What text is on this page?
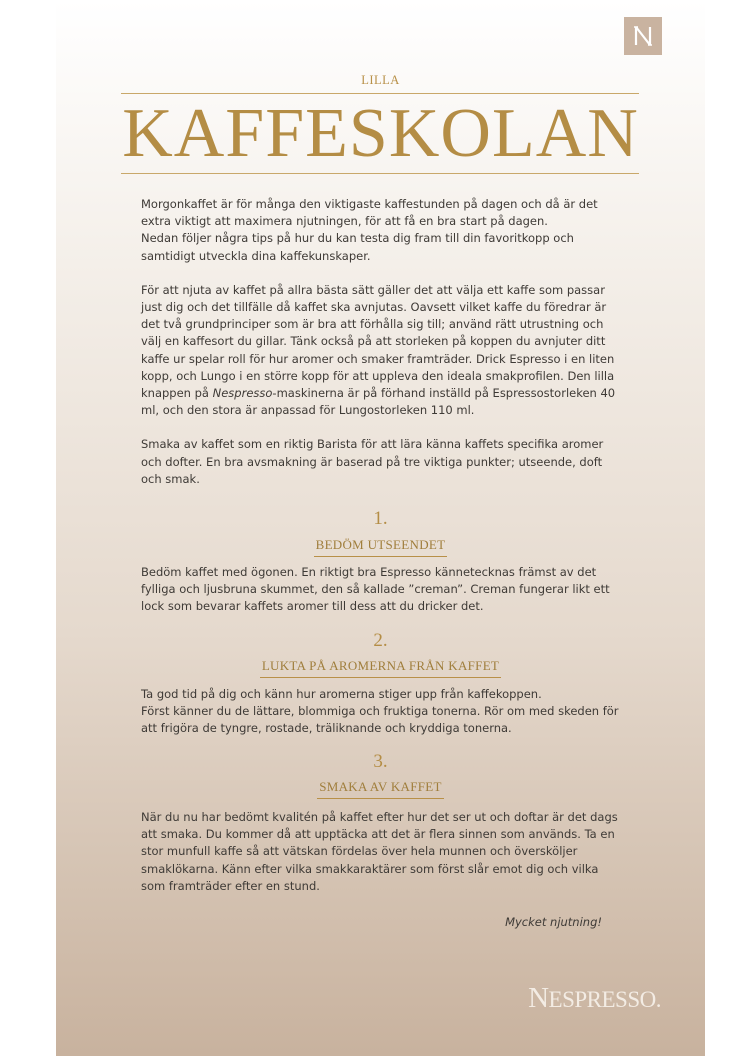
LILLA
KAFFESKOLAN

Morgonkaffet är för många den viktigaste kaffestunden på dagen och då är det extra viktigt att maximera njutningen, för att få en bra start på dagen.

Nedan följer några tips på hur du kan testa dig fram till din favoritkopp och samtidigt utveckla dina kaffekunskaper.

För att njuta av kaffet på allra bästa sätt gäller det att välja ett kaffe som passar just dig och det tillfälle då kaffet ska avnjutas. Oavsett vilket kaffe du föredrar är det två grundprinciper som är bra att förhålla sig till; använd rätt utrustning och välj en kaffesort du gillar. Tänk också på att storleken på koppen du avnjuter ditt kaffe ur spelar roll för hur aromer och smaker framträder. Drick Espresso i en liten kopp, och Lungo i en större kopp för att uppleva den ideala smakprofilen. Den lilla knappen på Nespresso-maskinerna är på förhand inställd på Espressostorleken 40 ml, och den stora är anpassad för Lungostorleken 110 ml.

Smaka av kaffet som en riktig Barista för att lära känna kaffets specifika aromer och dofter. En bra avsmakning är baserad på tre viktiga punkter; utseende, doft och smak.

1.
BEDÖM UTSEENDET
Bedöm kaffet med ögonen. En riktigt bra Espresso kännetecknas främst av det fylliga och ljusbruna skummet, den så kallade ”creman”. Creman fungerar likt ett lock som bevarar kaffets aromer till dess att du dricker det.
2.
LUKTA PÅ AROMERNA FRÅN KAFFET

Ta god tid på dig och känn hur aromerna stiger upp från kaffekoppen.

Först känner du de lättare, blommiga och fruktiga tonerna. Rör om med skeden för att frigöra de tyngre, rostade, träliknande och kryddiga tonerna.

3.
SMAKA AV KAFFET
När du nu har bedömt kvalitén på kaffet efter hur det ser ut och doftar är det dags att smaka. Du kommer då att upptäcka att det är flera sinnen som används. Ta en stor munfull kaffe så att vätskan fördelas över hela munnen och översköljer smaklökarna. Känn efter vilka smakkaraktärer som först slår emot dig och vilka som framträder efter en stund.
Mycket njutning!
NESPRESSO.
